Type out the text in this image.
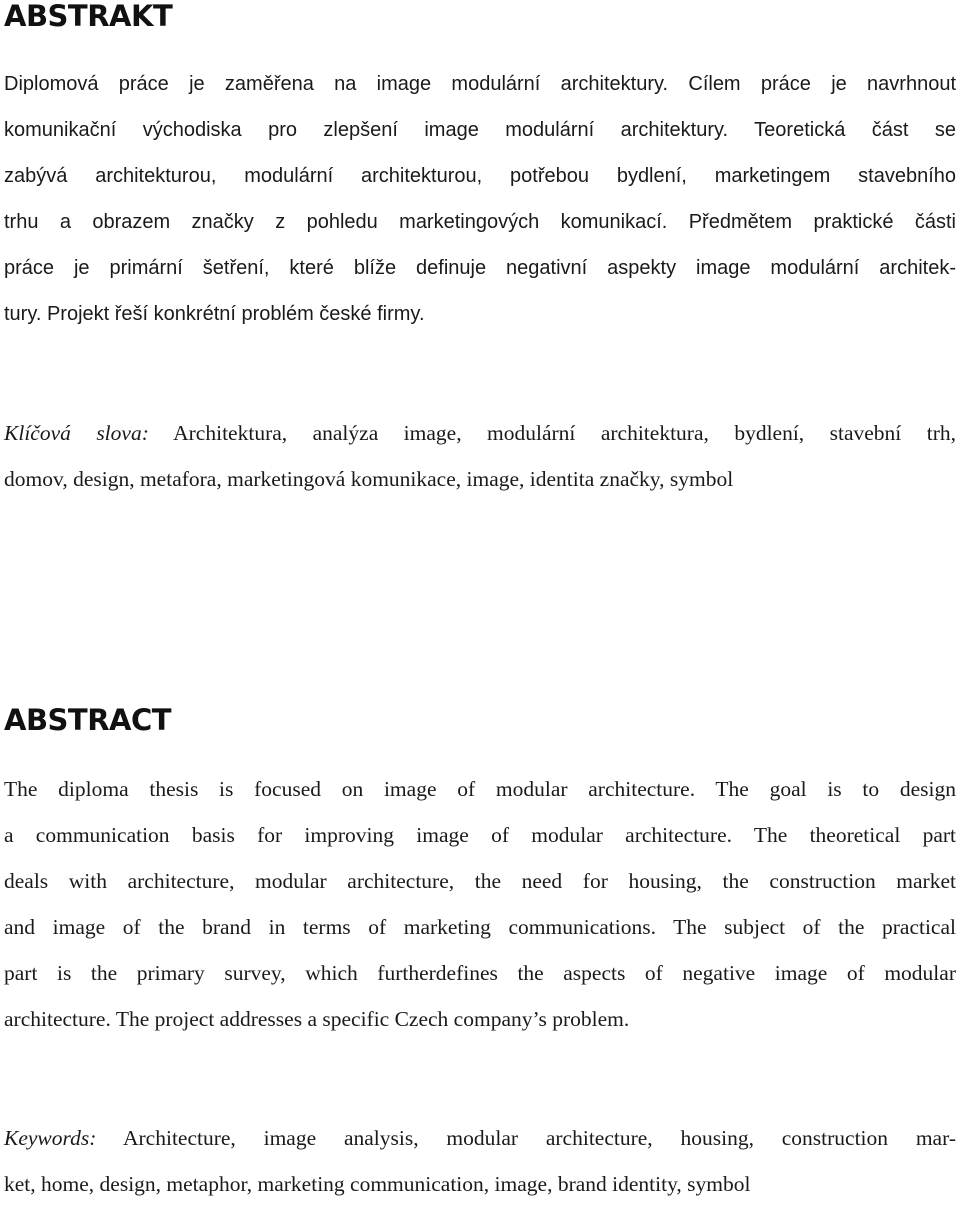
ABSTRAKT
Diplomová práce je zaměřena na image modulární architektury. Cílem práce je navrhnout
komunikační východiska pro zlepšení image modulární architektury. Teoretická část se
zabývá architekturou, modulární architekturou, potřebou bydlení, marketingem stavebního
trhu a obrazem značky z pohledu marketingových komunikací. Předmětem praktické části
práce je primární šetření, které blíže definuje negativní aspekty image modulární architek-
tury. Projekt řeší konkrétní problém české firmy.
Klíčová slova: Architektura, analýza image, modulární architektura, bydlení, stavební trh,
domov, design, metafora, marketingová komunikace, image, identita značky, symbol
ABSTRACT
The diploma thesis is focused on image of modular architecture. The goal is to design
a communication basis for improving image of modular architecture. The theoretical part
deals with architecture, modular architecture, the need for housing, the construction market
and image of the brand in terms of marketing communications. The subject of the practical
part is the primary survey, which furtherdefines the aspects of negative image of modular
architecture. The project addresses a specific Czech company’s problem.
Keywords: Architecture, image analysis, modular architecture, housing, construction mar-
ket, home, design, metaphor, marketing communication, image, brand identity, symbol
